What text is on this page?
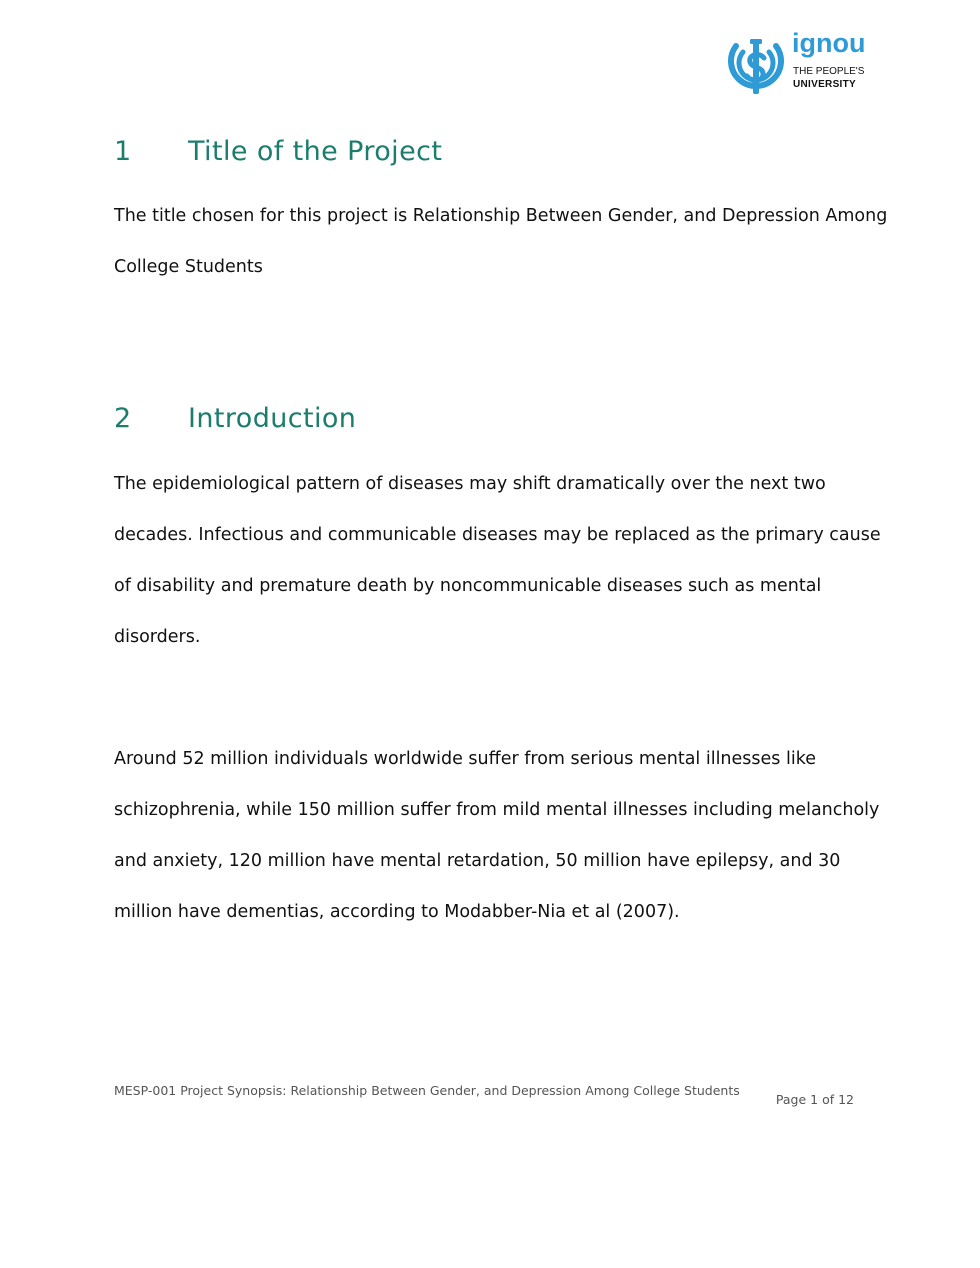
ignou
THE PEOPLE'S
UNIVERSITY
1 Title of the Project

The title chosen for this project is Relationship Between Gender, and Depression Among
College Students

2 Introduction

The epidemiological pattern of diseases may shift dramatically over the next two
decades. Infectious and communicable diseases may be replaced as the primary cause
of disability and premature death by noncommunicable diseases such as mental
disorders.

Around 52 million individuals worldwide suffer from serious mental illnesses like
schizophrenia, while 150 million suffer from mild mental illnesses including melancholy
and anxiety, 120 million have mental retardation, 50 million have epilepsy, and 30
million have dementias, according to Modabber-Nia et al (2007).

MESP-001 Project Synopsis: Relationship Between Gender, and Depression Among College Students
Page 1 of 12
